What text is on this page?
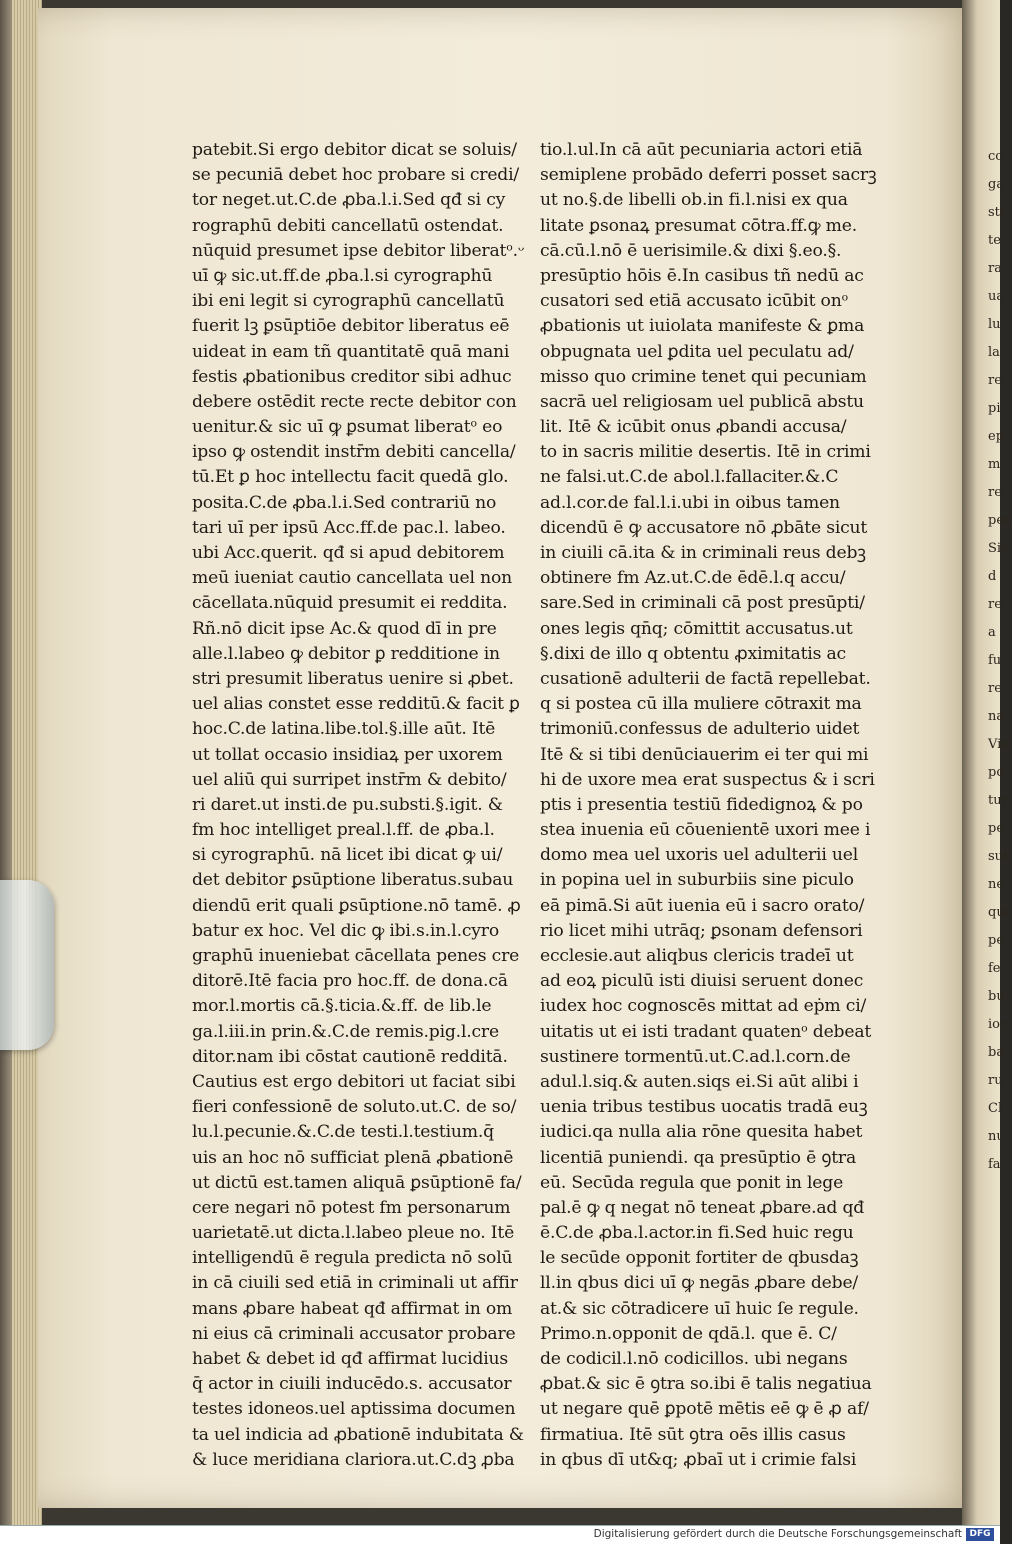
cc
ga
sti
te
ra
ua
lu
la
re
pi
ep
m
re
pen
Sie
d
re
a
fu
re
na
Viu
po
tur
pe
sub
ne
qui
pe
fe
bu
ioc
ba
ru
Cl
nu
fa
patebit.Si ergo debitor dicat se soluis/
se pecuniā debet hoc probare si credi/
tor neget.ut.C.de ꝓba.l.i.Sed qđ si cy
rographū debiti cancellatū ostendat.
nūquid presumet ipse debitor liberatᵒ.ᵕ
uī ꝙ sic.ut.ff.de ꝓba.l.si cyrographū
ibi eni legit si cyrographū cancellatū
fuerit lꝫ ꝑsūptiōe debitor liberatus eē
uideat in eam tñ quantitatē quā mani
festis ꝓbationibus creditor sibi adhuc
debere ostēdit recte recte debitor con
uenitur.& sic uī ꝙ ꝑsumat liberatᵒ eo
ipso ꝙ ostendit instr̄m debiti cancella/
tū.Et ꝑ hoc intellectu facit quedā glo.
posita.C.de ꝓba.l.i.Sed contrariū no
tari uī per ipsū Acc.ff.de pac.l. labeo.
ubi Acc.querit. qđ si apud debitorem
meū iueniat cautio cancellata uel non
cācellata.nūquid presumit ei reddita.
Rñ.nō dicit ipse Ac.& quod dī in pre
alle.l.labeo ꝙ debitor ꝑ redditione in
stri presumit liberatus uenire si ꝓbet.
uel alias constet esse redditū.& facit ꝑ
hoc.C.de latina.libe.tol.§.ille aūt. Itē
ut tollat occasio insidiaꝝ per uxorem
uel aliū qui surripet instr̄m & debito/
ri daret.ut insti.de pu.substi.§.igit. &
fm hoc intelliget preal.l.ff. de ꝓba.l.
si cyrographū. nā licet ibi dicat ꝙ ui/
det debitor ꝑsūptione liberatus.subau
diendū erit quali ꝑsūptione.nō tamē. ꝓ
batur ex hoc. Vel dic ꝙ ibi.s.in.l.cyro
graphū inueniebat cācellata penes cre
ditorē.Itē facia pro hoc.ff. de dona.cā
mor.l.mortis cā.§.ticia.&.ff. de lib.le
ga.l.iii.in prin.&.C.de remis.pig.l.cre
ditor.nam ibi cōstat cautionē redditā.
Cautius est ergo debitori ut faciat sibi
fieri confessionē de soluto.ut.C. de so/
lu.l.pecunie.&.C.de testi.l.testium.q̄
uis an hoc nō sufficiat plenā ꝓbationē
ut dictū est.tamen aliquā ꝑsūptionē fa/
cere negari nō potest fm personarum
uarietatē.ut dicta.l.labeo pleue no. Itē
intelligendū ē regula predicta nō solū
in cā ciuili sed etiā in criminali ut affir
mans ꝓbare habeat qđ affirmat in om
ni eius cā criminali accusator probare
habet & debet id qđ affirmat lucidius
q̄ actor in ciuili inducēdo.s. accusator
testes idoneos.uel aptissima documen
ta uel indicia ad ꝓbationē indubitata &
& luce meridiana clariora.ut.C.dꝫ ꝓba
tio.l.ul.In cā aūt pecuniaria actori etiā
semiplene probādo deferri posset sacrꝫ
ut no.§.de libelli ob.in fi.l.nisi ex qua
litate ꝑsonaꝝ presumat cōtra.ff.ꝙ me.
cā.cū.l.nō ē uerisimile.& dixi §.eo.§.
presūptio hōis ē.In casibus tñ nedū ac
cusatori sed etiā accusato icūbit onᵒ
ꝓbationis ut iuiolata manifeste & ꝑma
obpugnata uel ꝑdita uel peculatu ad/
misso quo crimine tenet qui pecuniam
sacrā uel religiosam uel publicā abstu
lit. Itē & icūbit onus ꝓbandi accusa/
to in sacris militie desertis. Itē in crimi
ne falsi.ut.C.de abol.l.fallaciter.&.C
ad.l.cor.de fal.l.i.ubi in oibus tamen
dicendū ē ꝙ accusatore nō ꝓbāte sicut
in ciuili cā.ita & in criminali reus debꝫ
obtinere fm Az.ut.C.de ēdē.l.q accu/
sare.Sed in criminali cā post presūpti/
ones legis qn̄q; cōmittit accusatus.ut
§.dixi de illo q obtentu ꝓximitatis ac
cusationē adulterii de factā repellebat.
q si postea cū illa muliere cōtraxit ma
trimoniū.confessus de adulterio uidet
Itē & si tibi denūciauerim ei ter qui mi
hi de uxore mea erat suspectus & i scri
ptis i presentia testiū fidedignoꝝ & po
stea inuenia eū cōuenientē uxori mee i
domo mea uel uxoris uel adulterii uel
in popina uel in suburbiis sine piculo
eā pimā.Si aūt iuenia eū i sacro orato/
rio licet mihi utrāq; ꝑsonam defensori
ecclesie.aut aliqbus clericis tradeī ut
ad eoꝝ piculū isti diuisi seruent donec
iudex hoc cognoscēs mittat ad eṗm ci/
uitatis ut ei isti tradant quatenᵒ debeat
sustinere tormentū.ut.C.ad.l.corn.de
adul.l.siq.& auten.siqs ei.Si aūt alibi i
uenia tribus testibus uocatis tradā euꝫ
iudici.qa nulla alia rōne quesita habet
licentiā puniendi. qa presūptio ē ꝯtra
eū. Secūda regula que ponit in lege
pal.ē ꝙ q negat nō teneat ꝓbare.ad qđ
ē.C.de ꝓba.l.actor.in fi.Sed huic regu
le secūde opponit fortiter de qbusdaꝫ
ll.in qbus dici uī ꝙ negās ꝓbare debe/
at.& sic cōtradicere uī huic ſe regule.
Primo.n.opponit de qdā.l. que ē. C/
de codicil.l.nō codicillos. ubi negans
ꝓbat.& sic ē ꝯtra so.ibi ē talis negatiua
ut negare quē ꝑpotē mētis eē ꝙ ē ꝓ af/
firmatiua. Itē sūt ꝯtra oēs illis casus
in qbus dī ut&q; ꝓbaī ut i crimie falsi
Digitalisierung gefördert durch die Deutsche Forschungsgemeinschaft DFG
